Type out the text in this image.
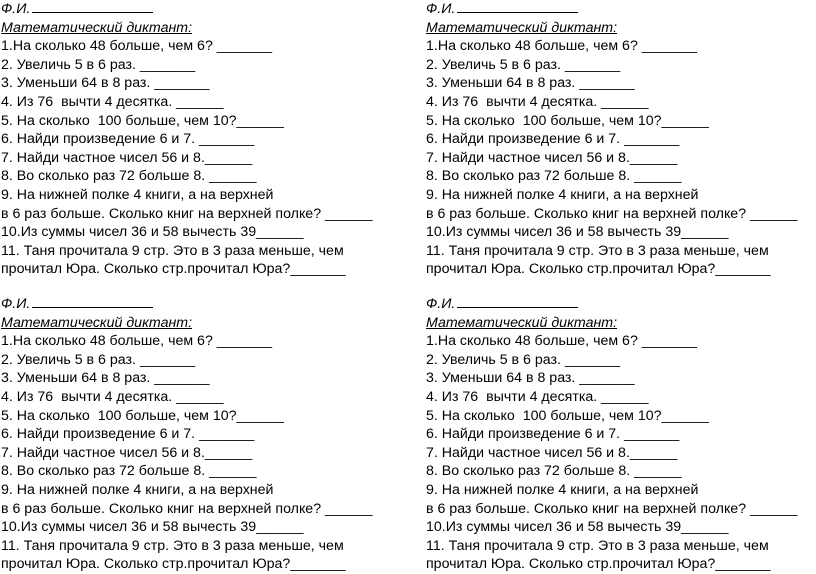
Ф.И.
Математический диктант:
1.На сколько 48 больше, чем 6? _______
2. Увеличь 5 в 6 раз. _______
3. Уменьши 64 в 8 раз. _______
4. Из 76  вычти 4 десятка. ______
5. На сколько  100 больше, чем 10?______
6. Найди произведение 6 и 7. _______
7. Найди частное чисел 56 и 8.______
8. Во сколько раз 72 больше 8. ______
9. На нижней полке 4 книги, а на верхней
в 6 раз больше. Сколько книг на верхней полке? ______
10.Из суммы чисел 36 и 58 вычесть 39______
11. Таня прочитала 9 стр. Это в 3 раза меньше, чем
прочитал Юра. Сколько стр.прочитал Юра?_______
Ф.И.
Математический диктант:
1.На сколько 48 больше, чем 6? _______
2. Увеличь 5 в 6 раз. _______
3. Уменьши 64 в 8 раз. _______
4. Из 76  вычти 4 десятка. ______
5. На сколько  100 больше, чем 10?______
6. Найди произведение 6 и 7. _______
7. Найди частное чисел 56 и 8.______
8. Во сколько раз 72 больше 8. ______
9. На нижней полке 4 книги, а на верхней
в 6 раз больше. Сколько книг на верхней полке? ______
10.Из суммы чисел 36 и 58 вычесть 39______
11. Таня прочитала 9 стр. Это в 3 раза меньше, чем
прочитал Юра. Сколько стр.прочитал Юра?_______
Ф.И.
Математический диктант:
1.На сколько 48 больше, чем 6? _______
2. Увеличь 5 в 6 раз. _______
3. Уменьши 64 в 8 раз. _______
4. Из 76  вычти 4 десятка. ______
5. На сколько  100 больше, чем 10?______
6. Найди произведение 6 и 7. _______
7. Найди частное чисел 56 и 8.______
8. Во сколько раз 72 больше 8. ______
9. На нижней полке 4 книги, а на верхней
в 6 раз больше. Сколько книг на верхней полке? ______
10.Из суммы чисел 36 и 58 вычесть 39______
11. Таня прочитала 9 стр. Это в 3 раза меньше, чем
прочитал Юра. Сколько стр.прочитал Юра?_______
Ф.И.
Математический диктант:
1.На сколько 48 больше, чем 6? _______
2. Увеличь 5 в 6 раз. _______
3. Уменьши 64 в 8 раз. _______
4. Из 76  вычти 4 десятка. ______
5. На сколько  100 больше, чем 10?______
6. Найди произведение 6 и 7. _______
7. Найди частное чисел 56 и 8.______
8. Во сколько раз 72 больше 8. ______
9. На нижней полке 4 книги, а на верхней
в 6 раз больше. Сколько книг на верхней полке? ______
10.Из суммы чисел 36 и 58 вычесть 39______
11. Таня прочитала 9 стр. Это в 3 раза меньше, чем
прочитал Юра. Сколько стр.прочитал Юра?_______
